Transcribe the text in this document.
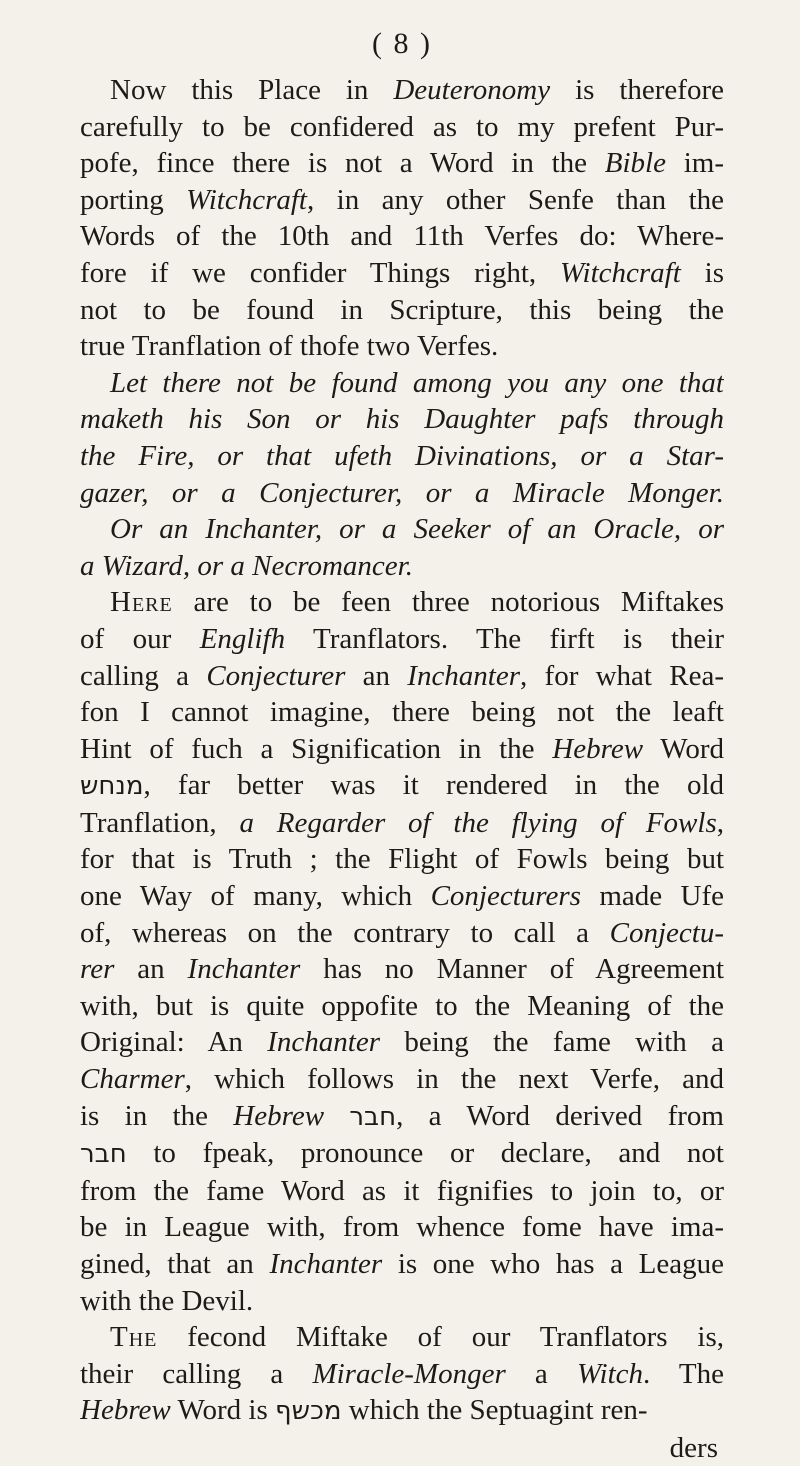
( 8 )
Now this Place in Deuteronomy is therefore
carefully to be confidered as to my prefent Pur-
pofe, fince there is not a Word in the Bible im-
porting Witchcraft, in any other Senfe than the
Words of the 10th and 11th Verfes do: Where-
fore if we confider Things right, Witchcraft is
not to be found in Scripture, this being the
true Tranflation of thofe two Verfes.
Let there not be found among you any one that
maketh his Son or his Daughter pafs through
the Fire, or that ufeth Divinations, or a Star-
gazer, or a Conjecturer, or a Miracle Monger.
Or an Inchanter, or a Seeker of an Oracle, or
a Wizard, or a Necromancer.
Here are to be feen three notorious Miftakes
of our Englifh Tranflators. The firft is their
calling a Conjecturer an Inchanter, for what Rea-
fon I cannot imagine, there being not the leaft
Hint of fuch a Signification in the Hebrew Word
מנחש, far better was it rendered in the old
Tranflation, a Regarder of the flying of Fowls,
for that is Truth ; the Flight of Fowls being but
one Way of many, which Conjecturers made Ufe
of, whereas on the contrary to call a Conjectu-
rer an Inchanter has no Manner of Agreement
with, but is quite oppofite to the Meaning of the
Original: An Inchanter being the fame with a
Charmer, which follows in the next Verfe, and
is in the Hebrew חבר, a Word derived from
חבר to fpeak, pronounce or declare, and not
from the fame Word as it fignifies to join to, or
be in League with, from whence fome have ima-
gined, that an Inchanter is one who has a League
with the Devil.
The fecond Miftake of our Tranflators is,
their calling a Miracle-Monger a Witch. The
Hebrew Word is מכשף which the Septuagint ren-
ders
